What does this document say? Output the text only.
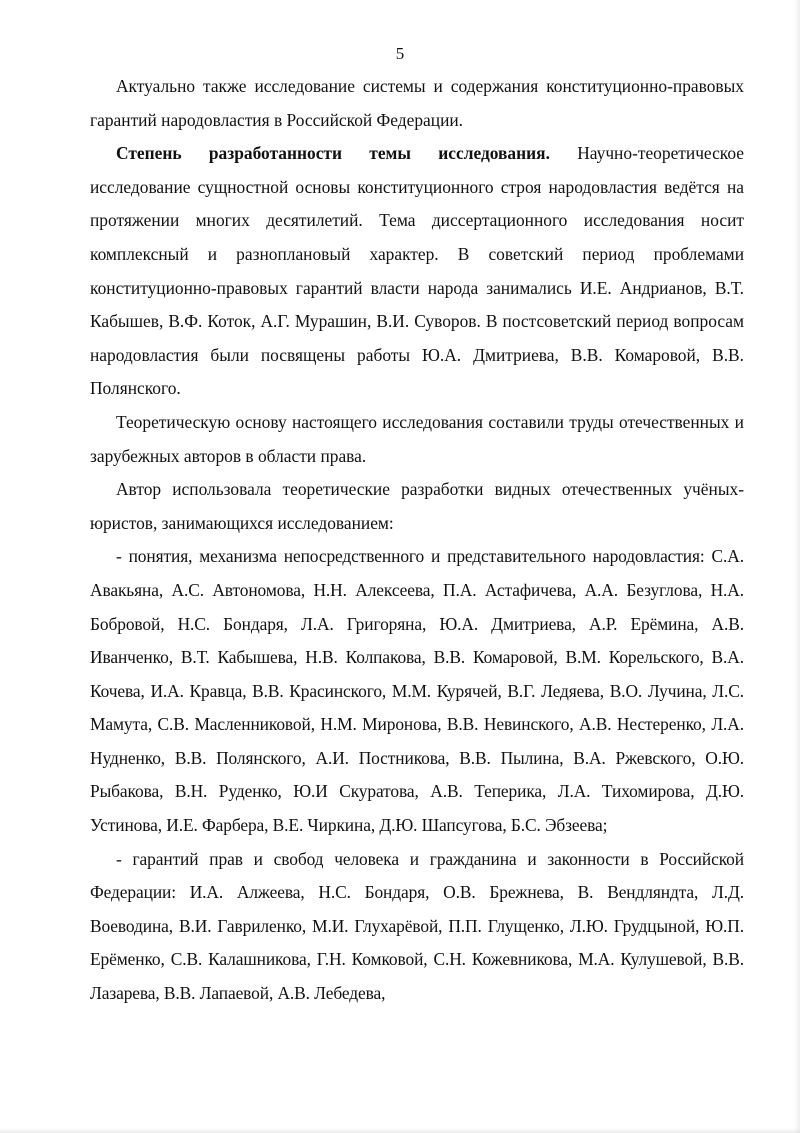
5

Актуально также исследование системы и содержания конституционно-правовых гарантий народовластия в Российской Федерации.

Степень разработанности темы исследования. Научно-теоретическое исследование сущностной основы конституционного строя народовластия ведётся на протяжении многих десятилетий. Тема диссертационного исследования носит комплексный и разноплановый характер. В советский период проблемами конституционно-правовых гарантий власти народа занимались И.Е. Андрианов, В.Т. Кабышев, В.Ф. Коток, А.Г. Мурашин, В.И. Суворов. В постсоветский период вопросам народовластия были посвящены работы Ю.А. Дмитриева, В.В. Комаровой, В.В. Полянского.

Теоретическую основу настоящего исследования составили труды отечественных и зарубежных авторов в области права.

Автор использовала теоретические разработки видных отечественных учёных-юристов, занимающихся исследованием:

- понятия, механизма непосредственного и представительного народовластия: С.А. Авакьяна, А.С. Автономова, Н.Н. Алексеева, П.А. Астафичева, А.А. Безуглова, Н.А. Бобровой, Н.С. Бондаря, Л.А. Григоряна, Ю.А. Дмитриева, А.Р. Ерёмина, А.В. Иванченко, В.Т. Кабышева, Н.В. Колпакова, В.В. Комаровой, В.М. Корельского, В.А. Кочева, И.А. Кравца, В.В. Красинского, М.М. Курячей, В.Г. Ледяева, В.О. Лучина, Л.С. Мамута, С.В. Масленниковой, Н.М. Миронова, В.В. Невинского, А.В. Нестеренко, Л.А. Нудненко, В.В. Полянского, А.И. Постникова, В.В. Пылина, В.А. Ржевского, О.Ю. Рыбакова, В.Н. Руденко, Ю.И Скуратова, А.В. Теперика, Л.А. Тихомирова, Д.Ю. Устинова, И.Е. Фарбера, В.Е. Чиркина, Д.Ю. Шапсугова, Б.С. Эбзеева;

- гарантий прав и свобод человека и гражданина и законности в Российской Федерации: И.А. Алжеева, Н.С. Бондаря, О.В. Брежнева, В. Вендляндта, Л.Д. Воеводина, В.И. Гавриленко, М.И. Глухарёвой, П.П. Глущенко, Л.Ю. Грудцыной, Ю.П. Ерёменко, С.В. Калашникова, Г.Н. Комковой, С.Н. Кожевникова, М.А. Кулушевой, В.В. Лазарева, В.В. Лапаевой, А.В. Лебедева,
